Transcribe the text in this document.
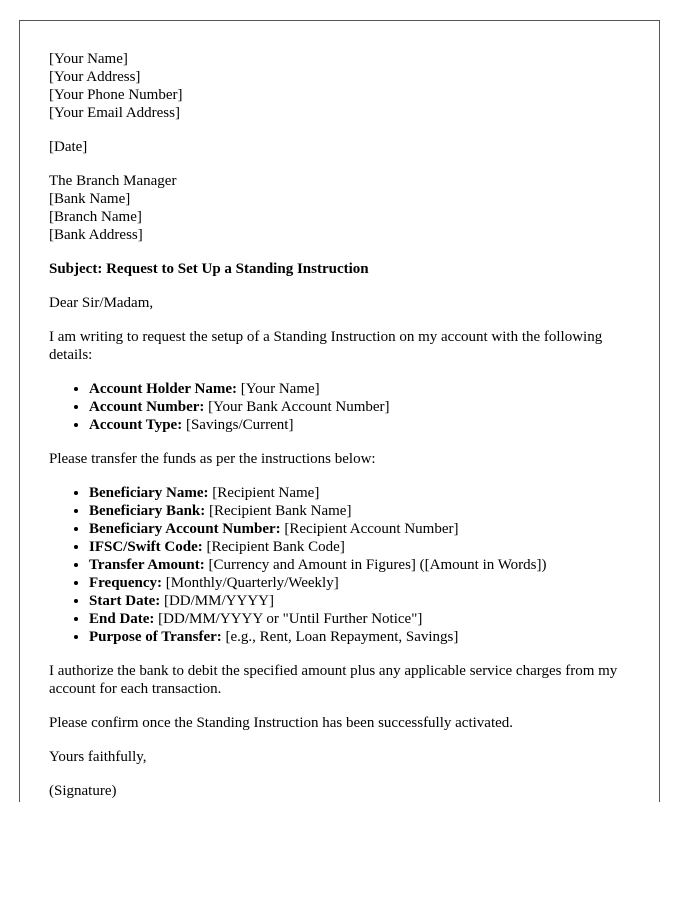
[Your Name]
[Your Address]
[Your Phone Number]
[Your Email Address]

[Date]

The Branch Manager
[Bank Name]
[Branch Name]
[Bank Address]

Subject: Request to Set Up a Standing Instruction

Dear Sir/Madam,

I am writing to request the setup of a Standing Instruction on my account with the following details:

• Account Holder Name: [Your Name]
• Account Number: [Your Bank Account Number]
• Account Type: [Savings/Current]

Please transfer the funds as per the instructions below:

• Beneficiary Name: [Recipient Name]
• Beneficiary Bank: [Recipient Bank Name]
• Beneficiary Account Number: [Recipient Account Number]
• IFSC/Swift Code: [Recipient Bank Code]
• Transfer Amount: [Currency and Amount in Figures] ([Amount in Words])
• Frequency: [Monthly/Quarterly/Weekly]
• Start Date: [DD/MM/YYYY]
• End Date: [DD/MM/YYYY or "Until Further Notice"]
• Purpose of Transfer: [e.g., Rent, Loan Repayment, Savings]

I authorize the bank to debit the specified amount plus any applicable service charges from my account for each transaction.

Please confirm once the Standing Instruction has been successfully activated.

Yours faithfully,

(Signature)
